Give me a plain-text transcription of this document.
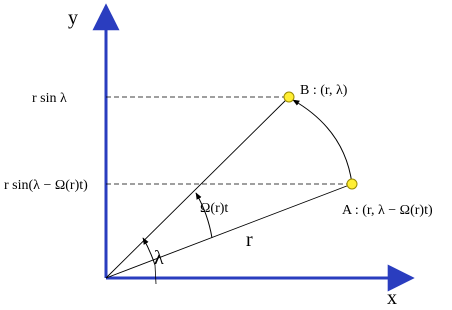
y
x
r sin λ
r sin(λ − Ω(r)t)
B : (r, λ)
A : (r, λ − Ω(r)t)
Ω(r)t
r
λ
